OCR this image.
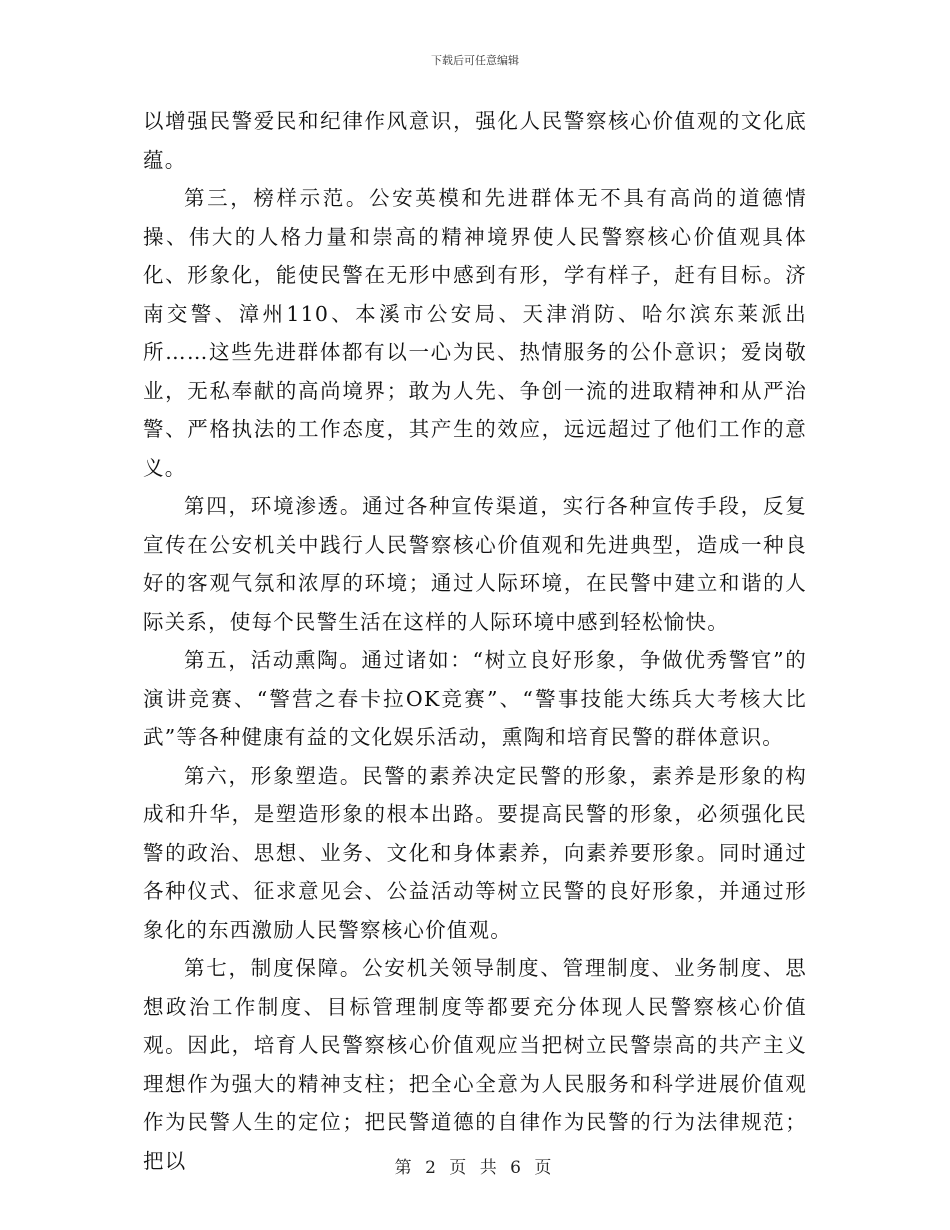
下载后可任意编辑

以增强民警爱民和纪律作风意识，强化人民警察核心价值观的文化底蕴。

第三，榜样示范。公安英模和先进群体无不具有高尚的道德情操、伟大的人格力量和崇高的精神境界使人民警察核心价值观具体化、形象化，能使民警在无形中感到有形，学有样子，赶有目标。济南交警、漳州110、本溪市公安局、天津消防、哈尔滨东莱派出所……这些先进群体都有以一心为民、热情服务的公仆意识；爱岗敬业，无私奉献的高尚境界；敢为人先、争创一流的进取精神和从严治警、严格执法的工作态度，其产生的效应，远远超过了他们工作的意义。

第四，环境渗透。通过各种宣传渠道，实行各种宣传手段，反复宣传在公安机关中践行人民警察核心价值观和先进典型，造成一种良好的客观气氛和浓厚的环境；通过人际环境，在民警中建立和谐的人际关系，使每个民警生活在这样的人际环境中感到轻松愉快。

第五，活动熏陶。通过诸如：“树立良好形象，争做优秀警官”的演讲竞赛、“警营之春卡拉OK竞赛”、“警事技能大练兵大考核大比武”等各种健康有益的文化娱乐活动，熏陶和培育民警的群体意识。

第六，形象塑造。民警的素养决定民警的形象，素养是形象的构成和升华，是塑造形象的根本出路。要提高民警的形象，必须强化民警的政治、思想、业务、文化和身体素养，向素养要形象。同时通过各种仪式、征求意见会、公益活动等树立民警的良好形象，并通过形象化的东西激励人民警察核心价值观。

第七，制度保障。公安机关领导制度、管理制度、业务制度、思想政治工作制度、目标管理制度等都要充分体现人民警察核心价值观。因此，培育人民警察核心价值观应当把树立民警崇高的共产主义理想作为强大的精神支柱；把全心全意为人民服务和科学进展价值观作为民警人生的定位；把民警道德的自律作为民警的行为法律规范；把以	第 2 页 共 6 页
